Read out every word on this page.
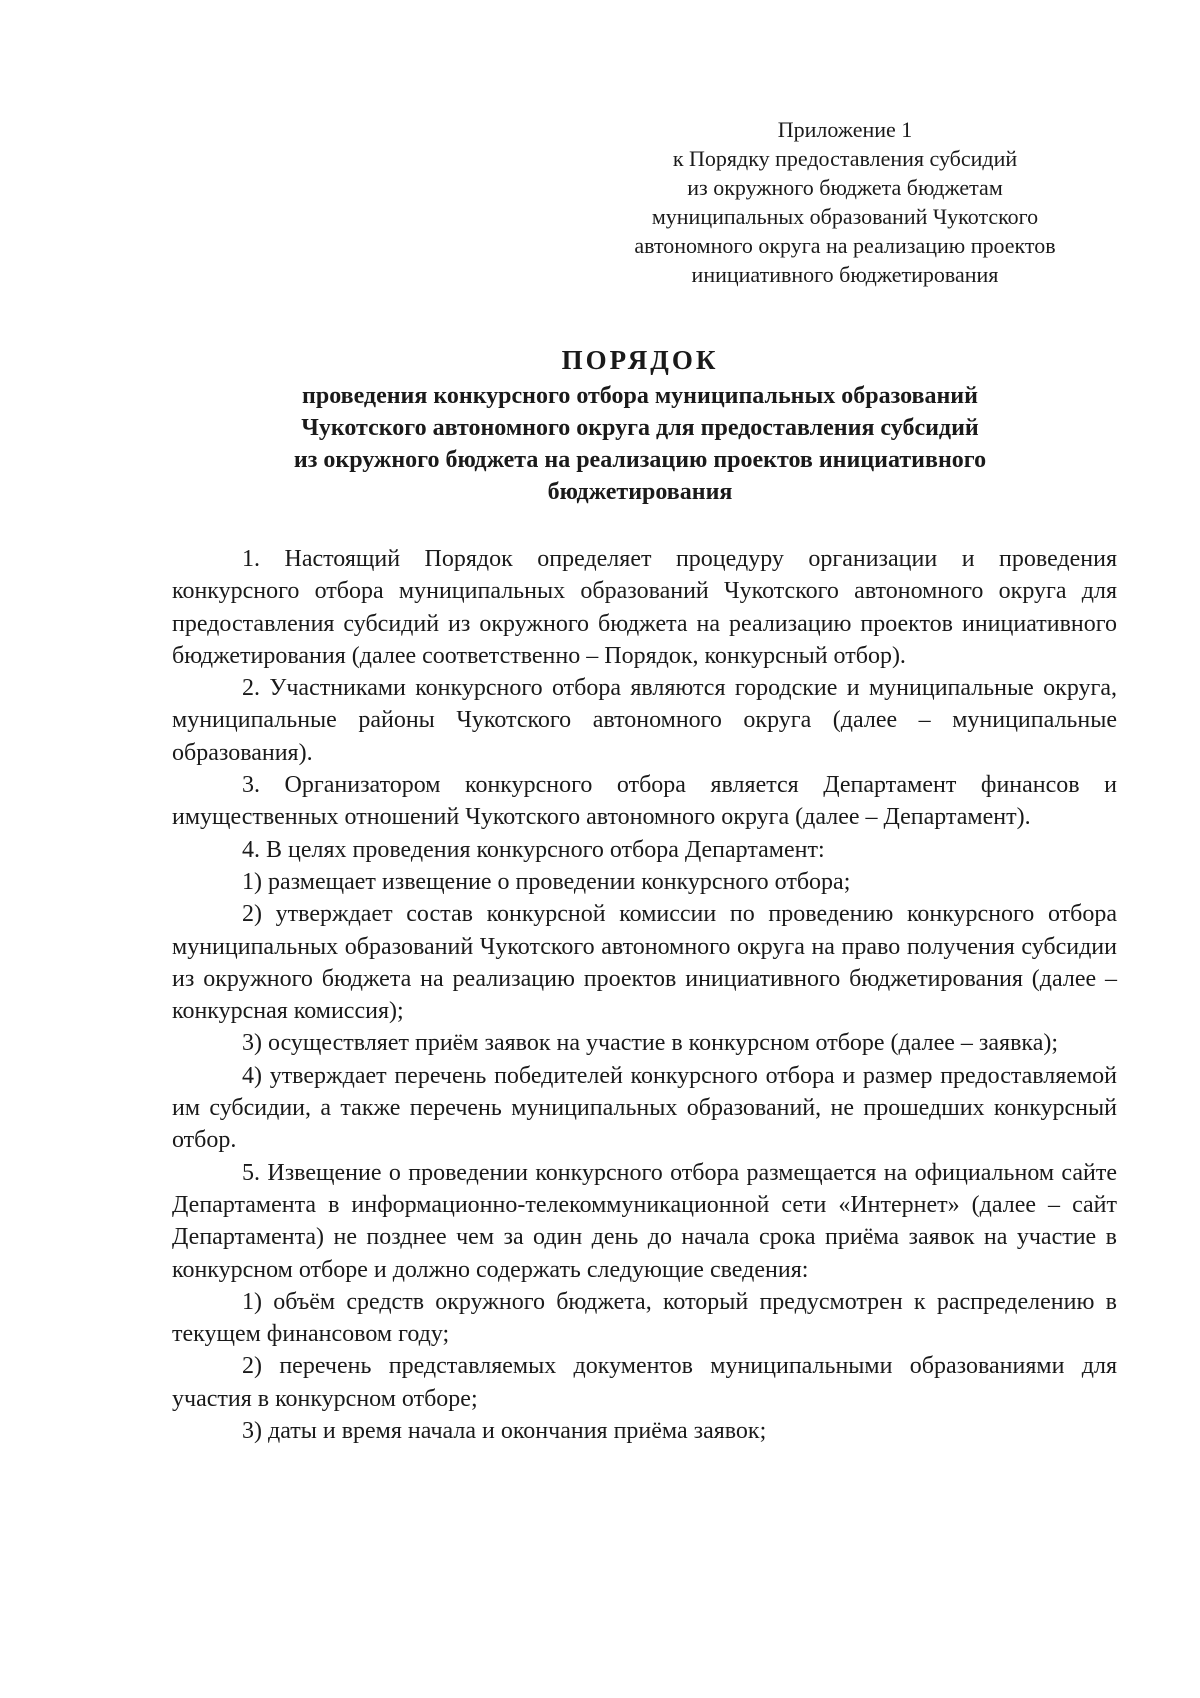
Приложение 1
к Порядку предоставления субсидий
из окружного бюджета бюджетам
муниципальных образований Чукотского
автономного округа на реализацию проектов
инициативного бюджетирования
ПОРЯДОК
проведения конкурсного отбора муниципальных образований
Чукотского автономного округа для предоставления субсидий
из окружного бюджета на реализацию проектов инициативного
бюджетирования

1. Настоящий Порядок определяет процедуру организации и проведения конкурсного отбора муниципальных образований Чукотского автономного округа для предоставления субсидий из окружного бюджета на реализацию проектов инициативного бюджетирования (далее соответственно – Порядок, конкурсный отбор).

2. Участниками конкурсного отбора являются городские и муниципальные округа, муниципальные районы Чукотского автономного округа (далее – муниципальные образования).

3. Организатором конкурсного отбора является Департамент финансов и имущественных отношений Чукотского автономного округа (далее – Департамент).

4. В целях проведения конкурсного отбора Департамент:

1) размещает извещение о проведении конкурсного отбора;

2) утверждает состав конкурсной комиссии по проведению конкурсного отбора муниципальных образований Чукотского автономного округа на право получения субсидии из окружного бюджета на реализацию проектов инициативного бюджетирования (далее – конкурсная комиссия);

3) осуществляет приём заявок на участие в конкурсном отборе (далее – заявка);

4) утверждает перечень победителей конкурсного отбора и размер предоставляемой им субсидии, а также перечень муниципальных образований, не прошедших конкурсный отбор.

5. Извещение о проведении конкурсного отбора размещается на официальном сайте Департамента в информационно-телекоммуникационной сети «Интернет» (далее – сайт Департамента) не позднее чем за один день до начала срока приёма заявок на участие в конкурсном отборе и должно содержать следующие сведения:

1) объём средств окружного бюджета, который предусмотрен к распределению в текущем финансовом году;

2) перечень представляемых документов муниципальными образованиями для участия в конкурсном отборе;

3) даты и время начала и окончания приёма заявок;
